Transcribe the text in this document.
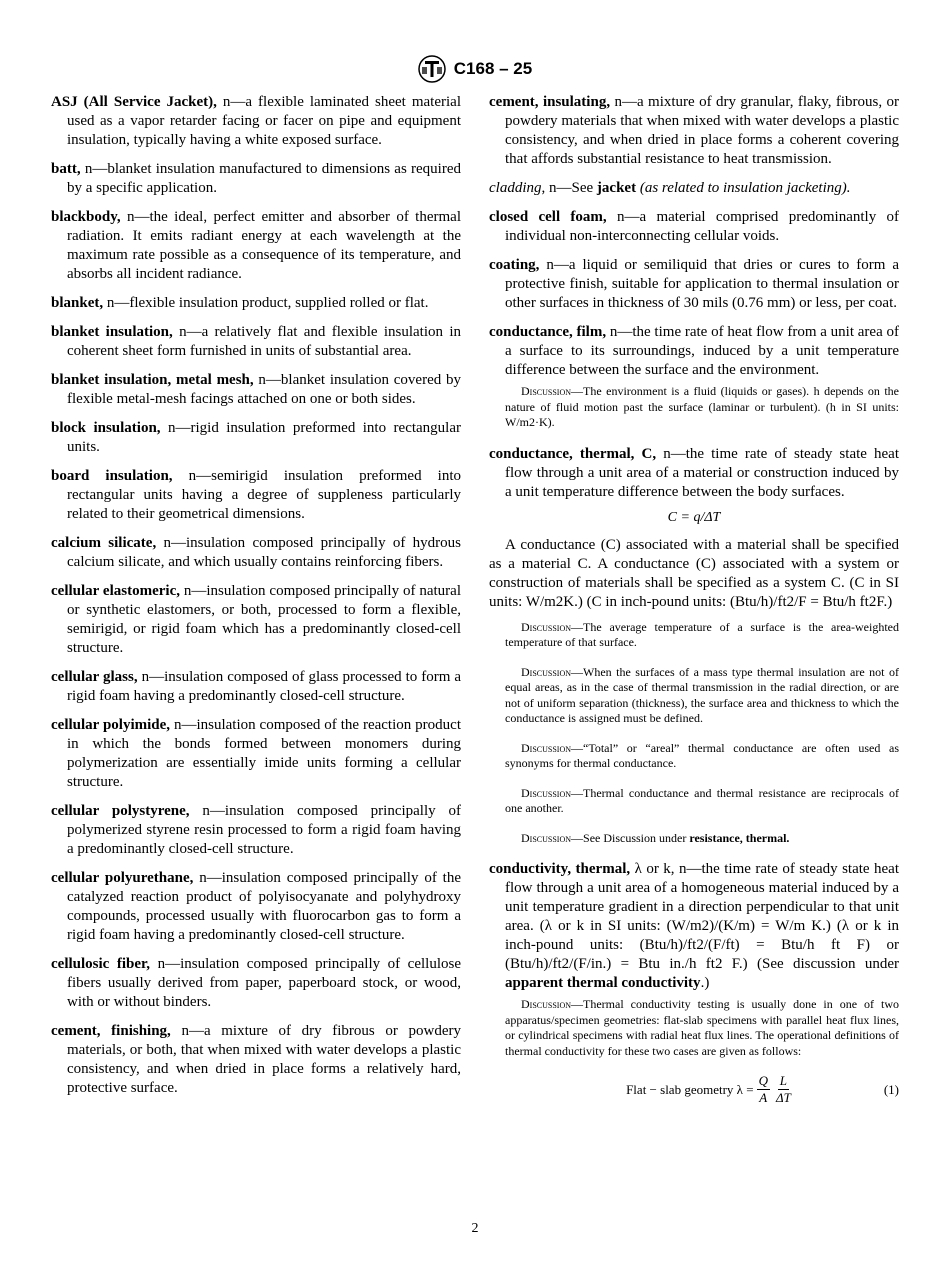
C168 – 25

ASJ (All Service Jacket), n—a flexible laminated sheet material used as a vapor retarder facing or facer on pipe and equipment insulation, typically having a white exposed surface.

batt, n—blanket insulation manufactured to dimensions as required by a specific application.

blackbody, n—the ideal, perfect emitter and absorber of thermal radiation. It emits radiant energy at each wavelength at the maximum rate possible as a consequence of its temperature, and absorbs all incident radiance.

blanket, n—flexible insulation product, supplied rolled or flat.

blanket insulation, n—a relatively flat and flexible insulation in coherent sheet form furnished in units of substantial area.

blanket insulation, metal mesh, n—blanket insulation covered by flexible metal-mesh facings attached on one or both sides.

block insulation, n—rigid insulation preformed into rectangular units.

board insulation, n—semirigid insulation preformed into rectangular units having a degree of suppleness particularly related to their geometrical dimensions.

calcium silicate, n—insulation composed principally of hydrous calcium silicate, and which usually contains reinforcing fibers.

cellular elastomeric, n—insulation composed principally of natural or synthetic elastomers, or both, processed to form a flexible, semirigid, or rigid foam which has a predominantly closed-cell structure.

cellular glass, n—insulation composed of glass processed to form a rigid foam having a predominantly closed-cell structure.

cellular polyimide, n—insulation composed of the reaction product in which the bonds formed between monomers during polymerization are essentially imide units forming a cellular structure.

cellular polystyrene, n—insulation composed principally of polymerized styrene resin processed to form a rigid foam having a predominantly closed-cell structure.

cellular polyurethane, n—insulation composed principally of the catalyzed reaction product of polyisocyanate and polyhydroxy compounds, processed usually with fluorocarbon gas to form a rigid foam having a predominantly closed-cell structure.

cellulosic fiber, n—insulation composed principally of cellulose fibers usually derived from paper, paperboard stock, or wood, with or without binders.

cement, finishing, n—a mixture of dry fibrous or powdery materials, or both, that when mixed with water develops a plastic consistency, and when dried in place forms a relatively hard, protective surface.

cement, insulating, n—a mixture of dry granular, flaky, fibrous, or powdery materials that when mixed with water develops a plastic consistency, and when dried in place forms a coherent covering that affords substantial resistance to heat transmission.

cladding, n—See jacket (as related to insulation jacketing).

closed cell foam, n—a material comprised predominantly of individual non-interconnecting cellular voids.

coating, n—a liquid or semiliquid that dries or cures to form a protective finish, suitable for application to thermal insulation or other surfaces in thickness of 30 mils (0.76 mm) or less, per coat.

conductance, film, n—the time rate of heat flow from a unit area of a surface to its surroundings, induced by a unit temperature difference between the surface and the environment.

Discussion—The environment is a fluid (liquids or gases). h depends on the nature of fluid motion past the surface (laminar or turbulent). (h in SI units: W/m2·K).

conductance, thermal, C, n—the time rate of steady state heat flow through a unit area of a material or construction induced by a unit temperature difference between the body surfaces.

C = q/ΔT

A conductance (C) associated with a material shall be specified as a material C. A conductance (C) associated with a system or construction of materials shall be specified as a system C. (C in SI units: W/m2K.) (C in inch-pound units: (Btu/h)/ft2/F = Btu/h ft2F.)

Discussion—The average temperature of a surface is the area-weighted temperature of that surface.

Discussion—When the surfaces of a mass type thermal insulation are not of equal areas, as in the case of thermal transmission in the radial direction, or are not of uniform separation (thickness), the surface area and thickness to which the conductance is assigned must be defined.

Discussion—“Total” or “areal” thermal conductance are often used as synonyms for thermal conductance.

Discussion—Thermal conductance and thermal resistance are reciprocals of one another.

Discussion—See Discussion under resistance, thermal.

conductivity, thermal, λ or k, n—the time rate of steady state heat flow through a unit area of a homogeneous material induced by a unit temperature gradient in a direction perpendicular to that unit area. (λ or k in SI units: (W/m2)/(K/m) = W/m K.) (λ or k in inch-pound units: (Btu/h)/ft2/(F/ft) = Btu/h ft F) or (Btu/h)/ft2/(F/in.) = Btu in./h ft2 F.) (See discussion under apparent thermal conductivity.)

Discussion—Thermal conductivity testing is usually done in one of two apparatus/specimen geometries: flat-slab specimens with parallel heat flux lines, or cylindrical specimens with radial heat flux lines. The operational definitions of thermal conductivity for these two cases are given as follows:

Flat − slab geometry $\lambda = \frac{Q}{A} \frac{L}{\Delta T}$	(1)
2
